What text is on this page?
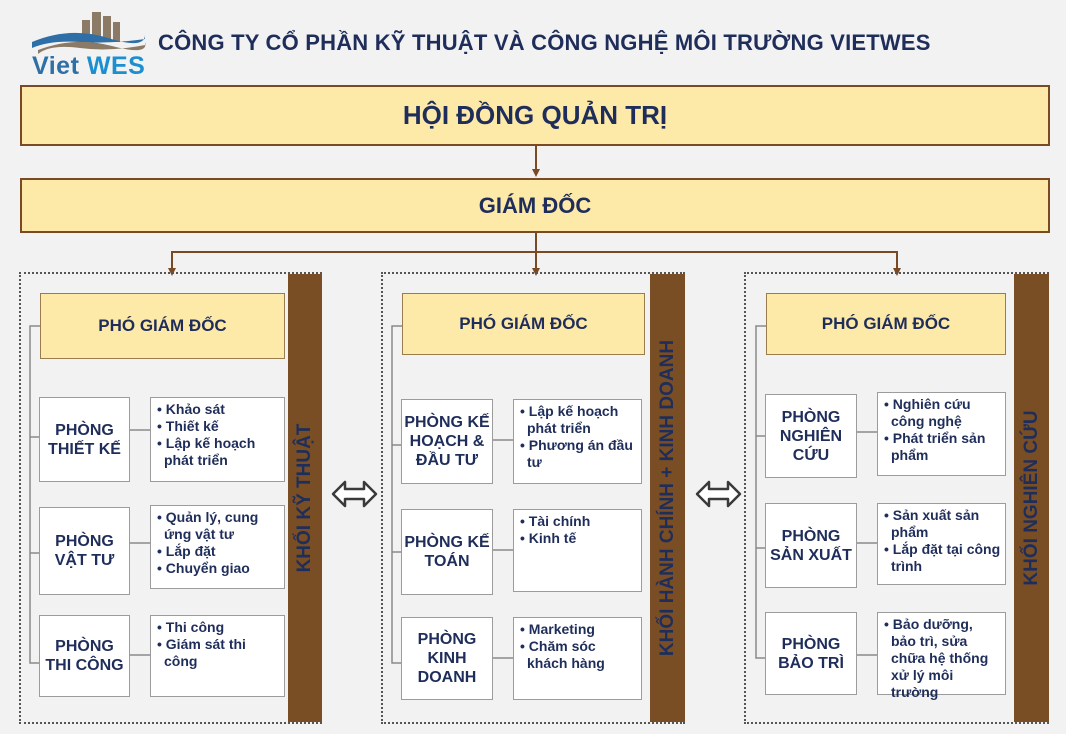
Viet WES
CÔNG TY CỔ PHẦN KỸ THUẬT VÀ CÔNG NGHỆ MÔI TRƯỜNG VIETWES
HỘI ĐỒNG QUẢN TRỊ
GIÁM ĐỐC
KHỐI KỸ THUẬT
PHÓ GIÁM ĐỐC
PHÒNG THIẾT KẾ
• Khảo sát
• Thiết kế
• Lập kế hoạch phát triển
PHÒNG VẬT TƯ
• Quản lý, cung ứng vật tư
• Lắp đặt
• Chuyển giao
PHÒNG THI CÔNG
• Thi công
• Giám sát thi công
KHỐI HÀNH CHÍNH + KINH DOANH
PHÓ GIÁM ĐỐC
PHÒNG KẾ HOẠCH & ĐẦU TƯ
• Lập kế hoạch phát triển
• Phương án đầu tư
PHÒNG KẾ TOÁN
• Tài chính
• Kinh tế
PHÒNG KINH DOANH
• Marketing
• Chăm sóc khách hàng
KHỐI NGHIÊN CỨU
PHÓ GIÁM ĐỐC
PHÒNG NGHIÊN CỨU
• Nghiên cứu công nghệ
• Phát triển sản phẩm
PHÒNG SẢN XUẤT
• Sản xuất sản phẩm
• Lắp đặt tại công trình
PHÒNG BẢO TRÌ
• Bảo dưỡng, bảo trì, sửa chữa hệ thống xử lý môi trường
